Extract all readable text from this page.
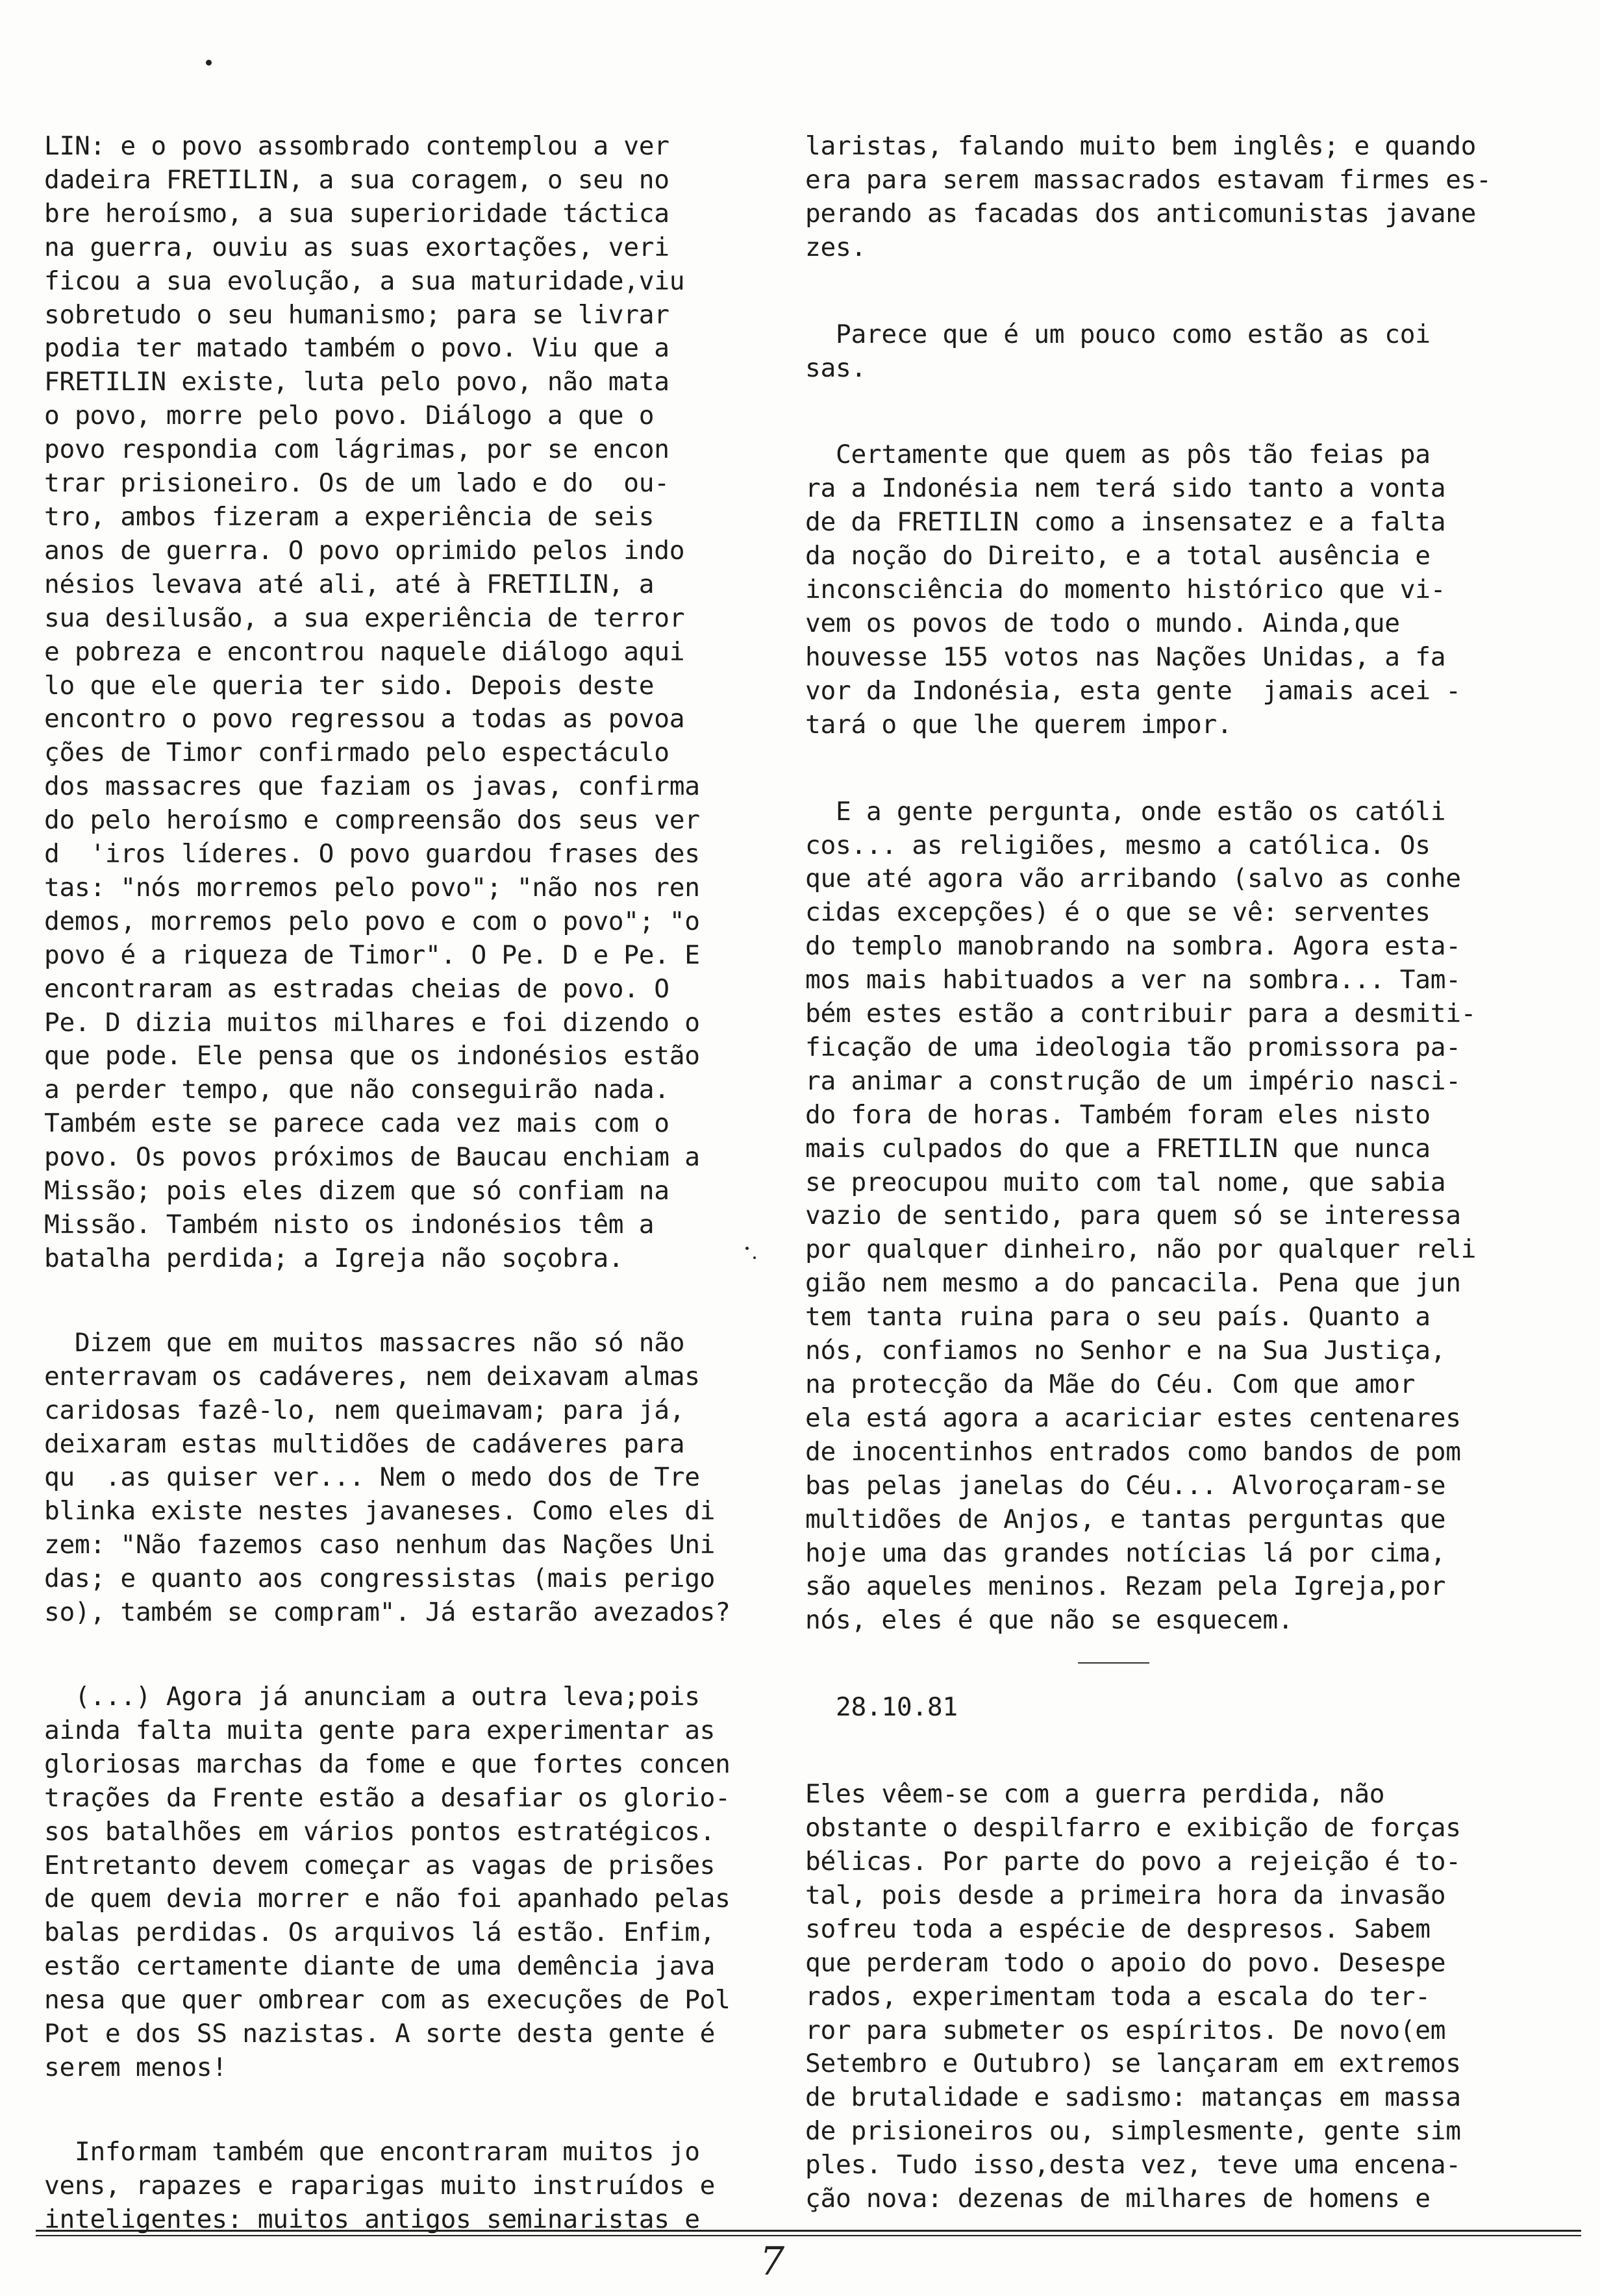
LIN: e o povo assombrado contemplou a ver
dadeira FRETILIN, a sua coragem, o seu no
bre heroísmo, a sua superioridade táctica
na guerra, ouviu as suas exortações, veri
ficou a sua evolução, a sua maturidade,viu
sobretudo o seu humanismo; para se livrar
podia ter matado também o povo. Viu que a
FRETILIN existe, luta pelo povo, não mata
o povo, morre pelo povo. Diálogo a que o
povo respondia com lágrimas, por se encon
trar prisioneiro. Os de um lado e do  ou-
tro, ambos fizeram a experiência de seis
anos de guerra. O povo oprimido pelos indo
nésios levava até ali, até à FRETILIN, a
sua desilusão, a sua experiência de terror
e pobreza e encontrou naquele diálogo aqui
lo que ele queria ter sido. Depois deste
encontro o povo regressou a todas as povoa
ções de Timor confirmado pelo espectáculo
dos massacres que faziam os javas, confirma
do pelo heroísmo e compreensão dos seus ver
d  'iros líderes. O povo guardou frases des
tas: "nós morremos pelo povo"; "não nos ren
demos, morremos pelo povo e com o povo"; "o
povo é a riqueza de Timor". O Pe. D e Pe. E
encontraram as estradas cheias de povo. O
Pe. D dizia muitos milhares e foi dizendo o
que pode. Ele pensa que os indonésios estão
a perder tempo, que não conseguirão nada.
Também este se parece cada vez mais com o
povo. Os povos próximos de Baucau enchiam a
Missão; pois eles dizem que só confiam na
Missão. Também nisto os indonésios têm a
batalha perdida; a Igreja não soçobra.
Dizem que em muitos massacres não só não
enterravam os cadáveres, nem deixavam almas
caridosas fazê-lo, nem queimavam; para já,
deixaram estas multidões de cadáveres para
qu  .as quiser ver... Nem o medo dos de Tre
blinka existe nestes javaneses. Como eles di
zem: "Não fazemos caso nenhum das Nações Uni
das; e quanto aos congressistas (mais perigo
so), também se compram". Já estarão avezados?
(...) Agora já anunciam a outra leva;pois
ainda falta muita gente para experimentar as
gloriosas marchas da fome e que fortes concen
trações da Frente estão a desafiar os glorio-
sos batalhões em vários pontos estratégicos.
Entretanto devem começar as vagas de prisões
de quem devia morrer e não foi apanhado pelas
balas perdidas. Os arquivos lá estão. Enfim,
estão certamente diante de uma demência java
nesa que quer ombrear com as execuções de Pol
Pot e dos SS nazistas. A sorte desta gente é
serem menos!
Informam também que encontraram muitos jo
vens, rapazes e raparigas muito instruídos e
inteligentes: muitos antigos seminaristas e
laristas, falando muito bem inglês; e quando
era para serem massacrados estavam firmes es-
perando as facadas dos anticomunistas javane
zes.
Parece que é um pouco como estão as coi
sas.
Certamente que quem as pôs tão feias pa
ra a Indonésia nem terá sido tanto a vonta
de da FRETILIN como a insensatez e a falta
da noção do Direito, e a total ausência e
inconsciência do momento histórico que vi-
vem os povos de todo o mundo. Ainda,que
houvesse 155 votos nas Nações Unidas, a fa
vor da Indonésia, esta gente  jamais acei -
tará o que lhe querem impor.
E a gente pergunta, onde estão os católi
cos... as religiões, mesmo a católica. Os
que até agora vão arribando (salvo as conhe
cidas excepções) é o que se vê: serventes
do templo manobrando na sombra. Agora esta-
mos mais habituados a ver na sombra... Tam-
bém estes estão a contribuir para a desmiti-
ficação de uma ideologia tão promissora pa-
ra animar a construção de um império nasci-
do fora de horas. Também foram eles nisto
mais culpados do que a FRETILIN que nunca
se preocupou muito com tal nome, que sabia
vazio de sentido, para quem só se interessa
por qualquer dinheiro, não por qualquer reli
gião nem mesmo a do pancacila. Pena que jun
tem tanta ruina para o seu país. Quanto a
nós, confiamos no Senhor e na Sua Justiça,
na protecção da Mãe do Céu. Com que amor
ela está agora a acariciar estes centenares
de inocentinhos entrados como bandos de pom
bas pelas janelas do Céu... Alvoroçaram-se
multidões de Anjos, e tantas perguntas que
hoje uma das grandes notícias lá por cima,
são aqueles meninos. Rezam pela Igreja,por
nós, eles é que não se esquecem.
28.10.81
Eles vêem-se com a guerra perdida, não
obstante o despilfarro e exibição de forças
bélicas. Por parte do povo a rejeição é to-
tal, pois desde a primeira hora da invasão
sofreu toda a espécie de despresos. Sabem
que perderam todo o apoio do povo. Desespe
rados, experimentam toda a escala do ter-
ror para submeter os espíritos. De novo(em
Setembro e Outubro) se lançaram em extremos
de brutalidade e sadismo: matanças em massa
de prisioneiros ou, simplesmente, gente sim
ples. Tudo isso,desta vez, teve uma encena-
ção nova: dezenas de milhares de homens e
7
